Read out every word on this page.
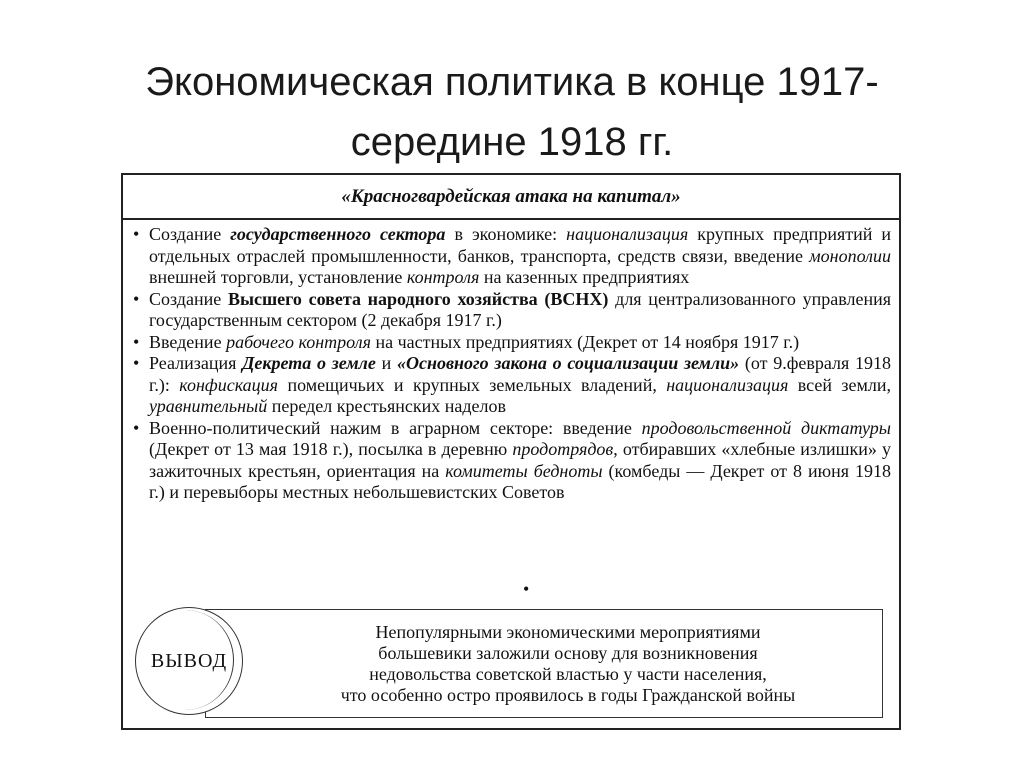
Экономическая политика в конце 1917-
середине 1918 гг.
«Красногвардейская атака на капитал»
• Создание государственного сектора в экономике: национализация крупных предприятий и отдельных отраслей промышленности, банков, транспорта, средств связи, введение монополии внешней торговли, установление контроля на казенных предприятиях
• Создание Высшего совета народного хозяйства (ВСНХ) для централизованного управления государственным сектором (2 декабря 1917 г.)
• Введение рабочего контроля на частных предприятиях (Декрет от 14 ноября 1917 г.)
• Реализация Декрета о земле и «Основного закона о социализации земли» (от 9.февраля 1918 г.): конфискация помещичьих и крупных земельных владений, национализация всей земли, уравнительный передел крестьянских наделов
• Военно-политический нажим в аграрном секторе: введение продовольственной диктатуры (Декрет от 13 мая 1918 г.), посылка в деревню продотрядов, отбиравших «хлебные излишки» у зажиточных крестьян, ориентация на комитеты бедноты (комбеды — Декрет от 8 июня 1918 г.) и перевыборы местных небольшевистских Советов
•
Непопулярными экономическими мероприятиями
большевики заложили основу для возникновения
недовольства советской властью у части населения,
что особенно остро проявилось в годы Гражданской войны
ВЫВОД
